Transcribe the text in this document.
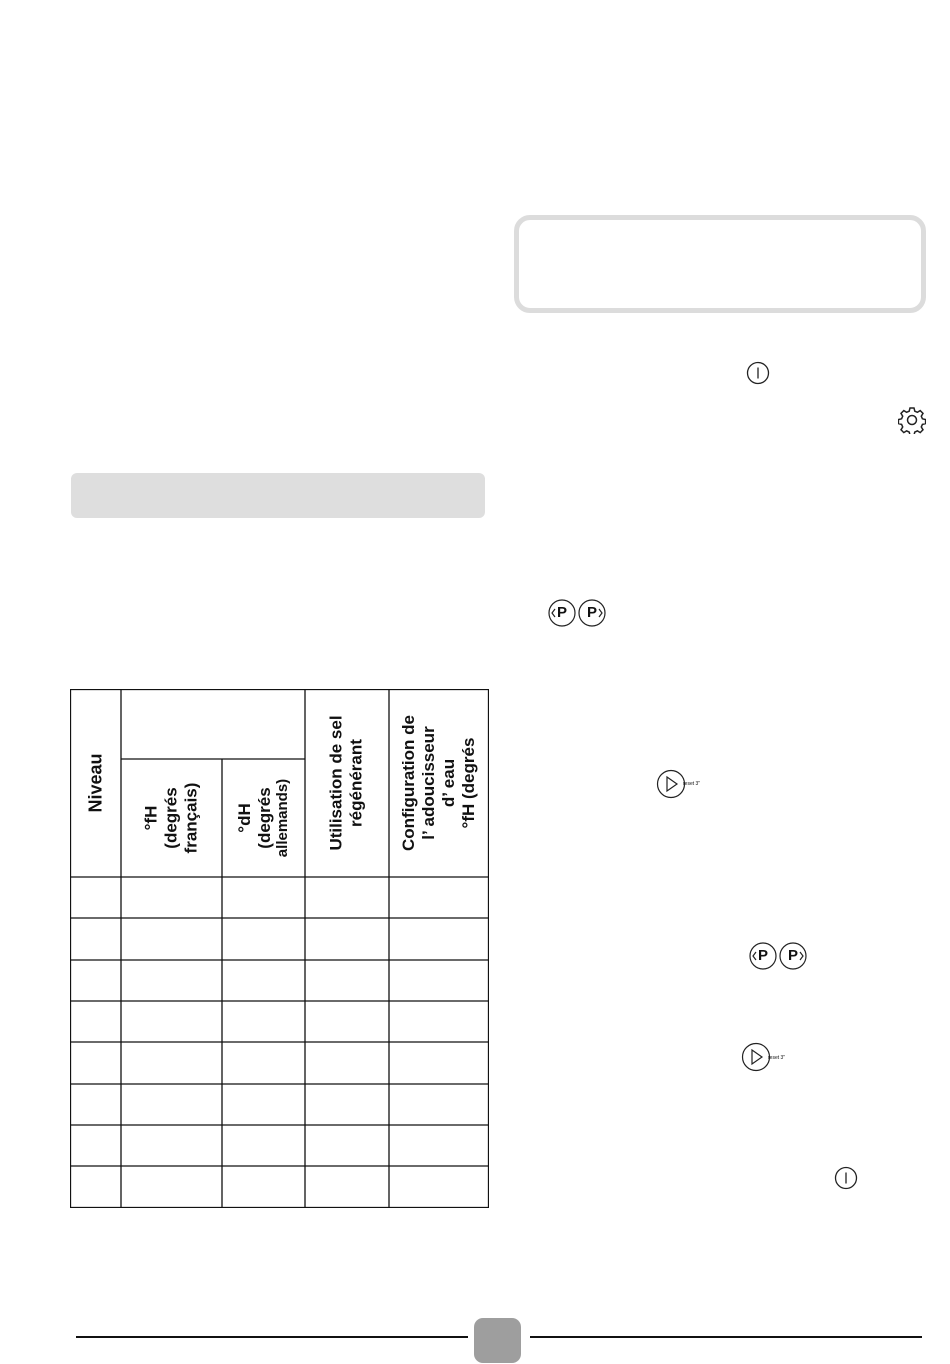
P P
reset 3"
P P
reset 3"
Niveau
°fH (degrés français) °dH (degrés allemands) Utilisation de sel régénérant Configuration de l’ adoucisseur d’ eau °fH (degrés
